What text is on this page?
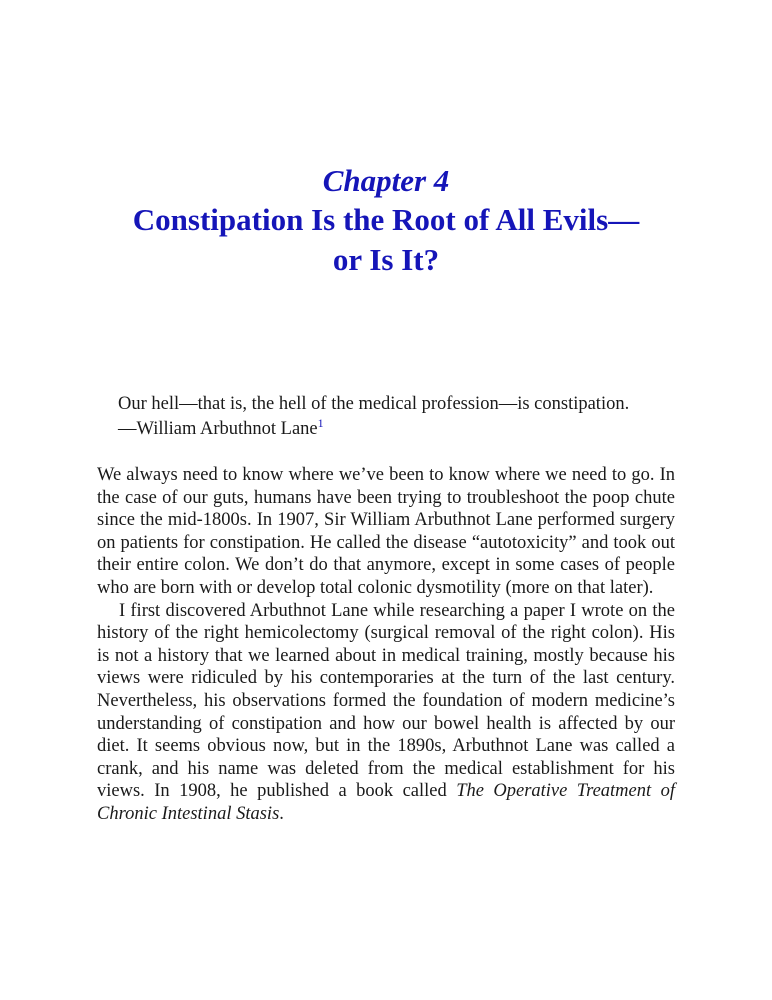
Chapter 4
Constipation Is the Root of All Evils—
or Is It?
Our hell—that is, the hell of the medical profession—is constipation.
—William Arbuthnot Lane$^1$

We always need to know where we’ve been to know where we need to go. In the case of our guts, humans have been trying to troubleshoot the poop chute since the mid-1800s. In 1907, Sir William Arbuthnot Lane performed surgery on patients for constipation. He called the disease “autotoxicity” and took out their entire colon. We don’t do that anymore, except in some cases of people who are born with or develop total colonic dysmotility (more on that later).

I first discovered Arbuthnot Lane while researching a paper I wrote on the history of the right hemicolectomy (surgical removal of the right colon). His is not a history that we learned about in medical training, mostly because his views were ridiculed by his contemporaries at the turn of the last century. Nevertheless, his observations formed the foundation of modern medicine’s understanding of constipation and how our bowel health is affected by our diet. It seems obvious now, but in the 1890s, Arbuthnot Lane was called a crank, and his name was deleted from the medical establishment for his views. In 1908, he published a book called The Operative Treatment of Chronic Intestinal Stasis.
